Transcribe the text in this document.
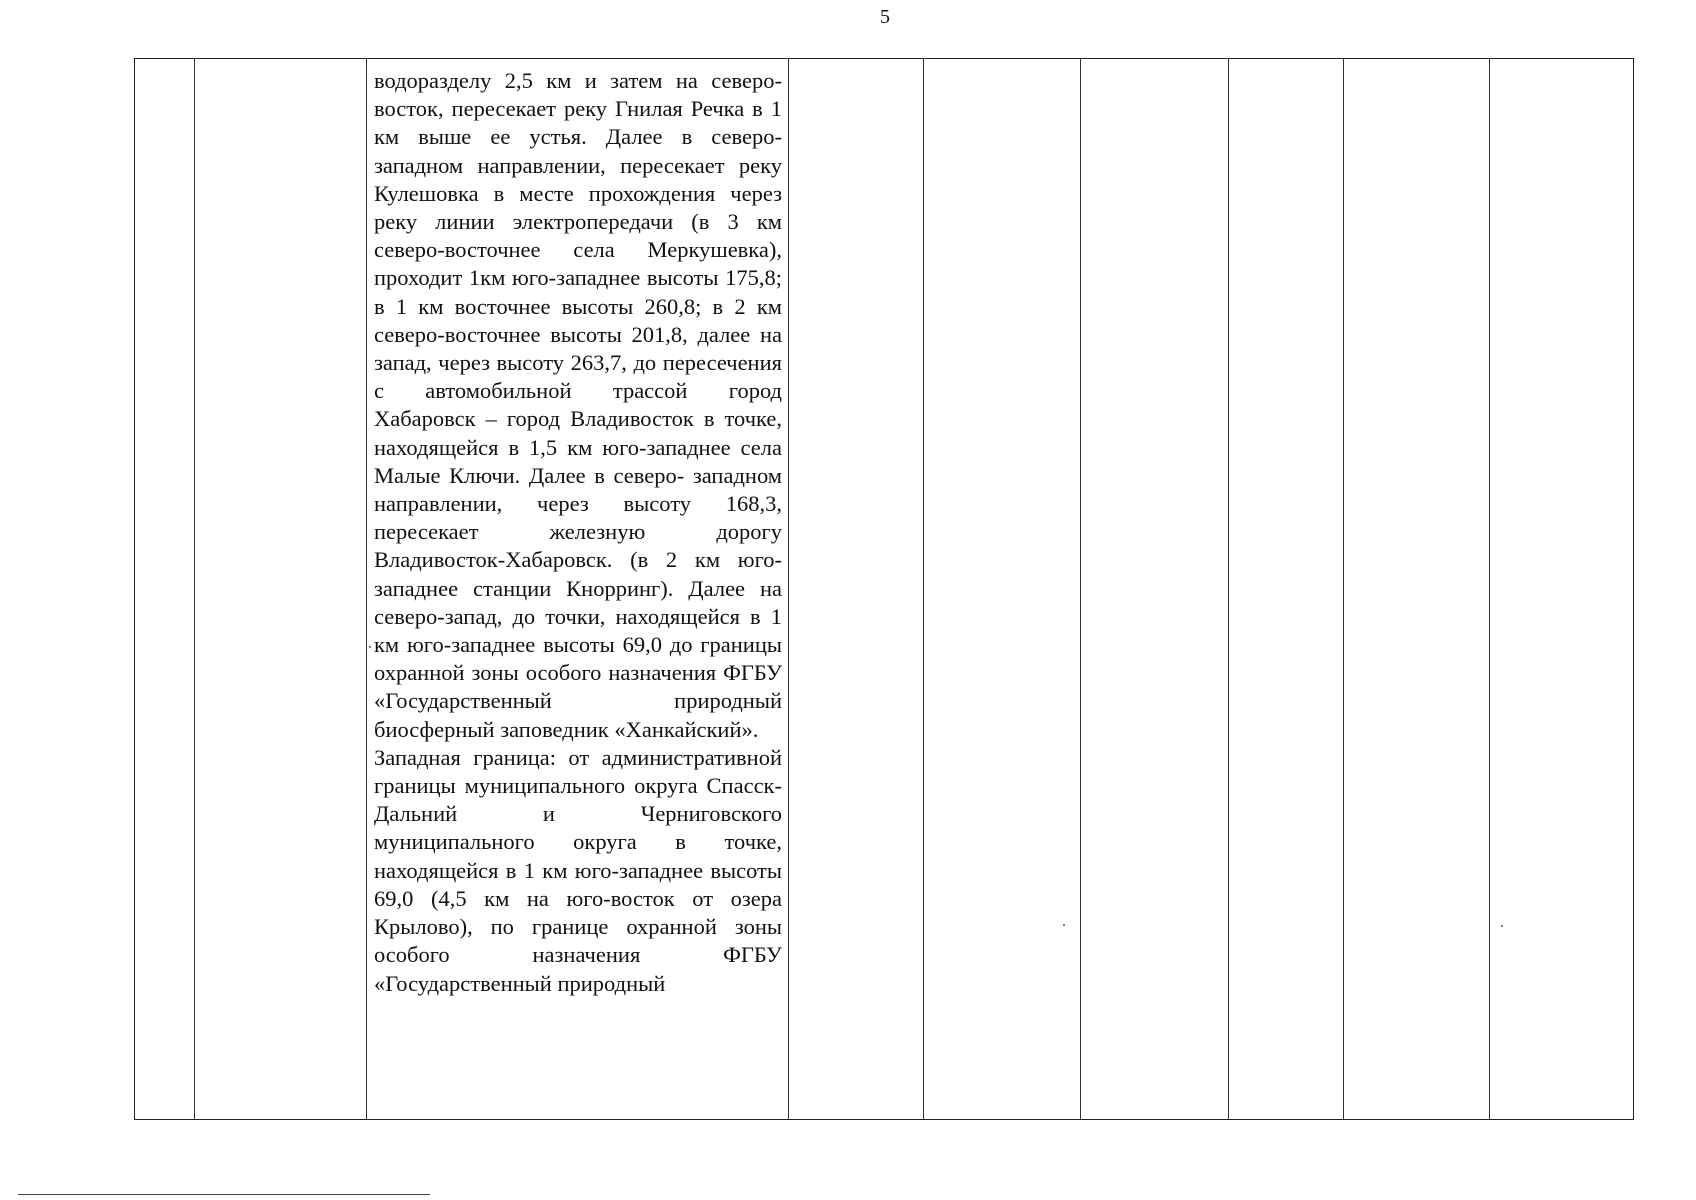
5

водоразделу 2,5 км и затем на северо-восток, пересекает реку Гнилая Речка в 1 км выше ее устья. Далее в северо-западном направлении, пересекает реку Кулешовка в месте прохождения через реку линии электропередачи (в 3 км северо-восточнее села Меркушевка), проходит 1км юго-западнее высоты 175,8; в 1 км восточнее высоты 260,8; в 2 км северо-восточнее высоты 201,8, далее на запад, через высоту 263,7, до пересечения с автомобильной трассой город Хабаровск – город Владивосток в точке, находящейся в 1,5 км юго-западнее села Малые Ключи. Далее в северо- западном направлении, через высоту 168,3, пересекает железную дорогу Владивосток-Хабаровск. (в 2 км юго-западнее станции Кнорринг). Далее на северо-запад, до точки, находящейся в 1 км юго-западнее высоты 69,0 до границы охранной зоны особого назначения ФГБУ «Государственный природный биосферный заповедник «Ханкайский».

Западная граница: от административной границы муниципального округа Спасск-Дальний и Черниговского муниципального округа в точке, находящейся в 1 км юго-западнее высоты 69,0 (4,5 км на юго-восток от озера Крылово), по границе охранной зоны особого назначения ФГБУ «Государственный природный
